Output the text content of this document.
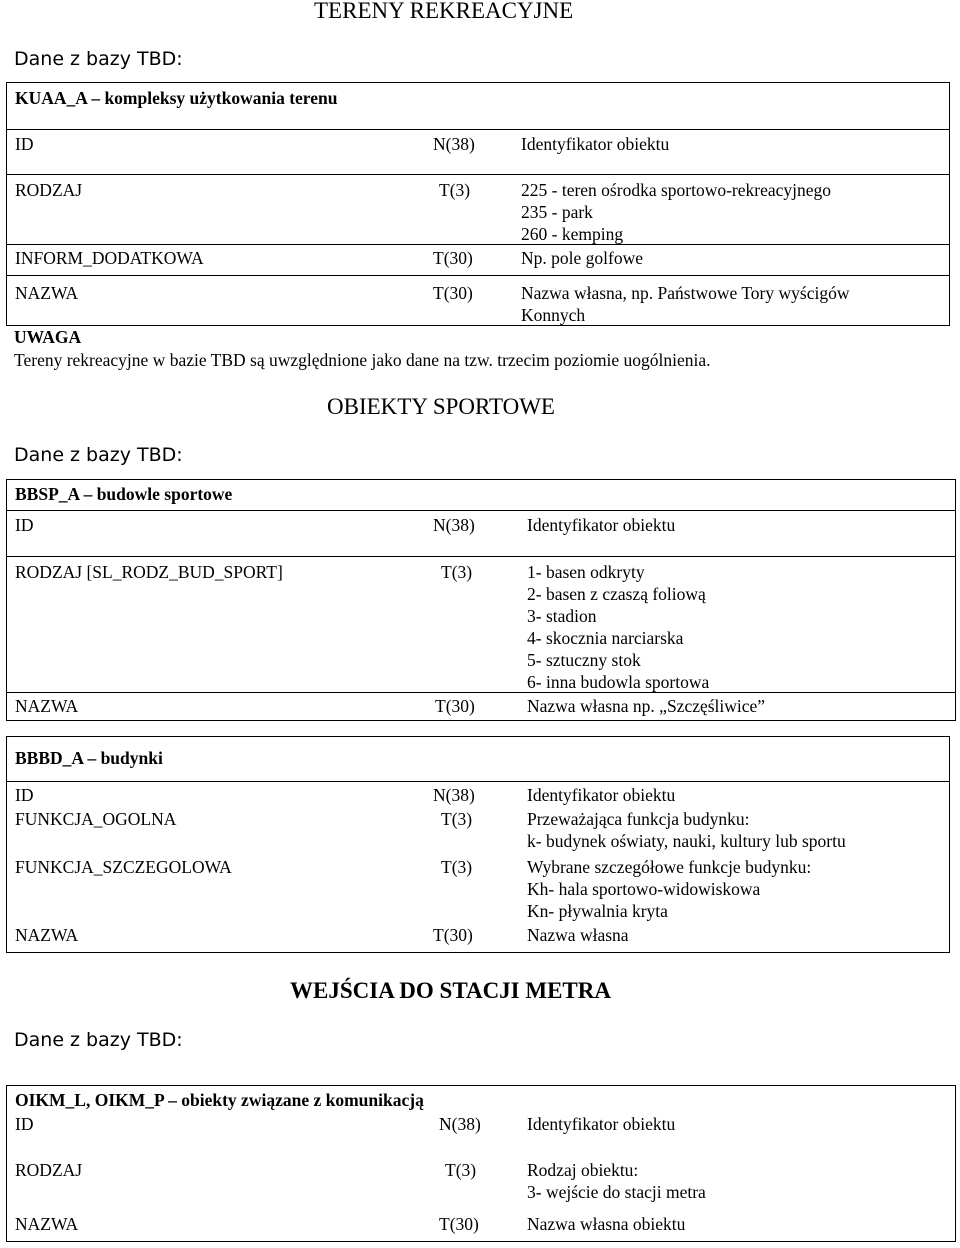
TERENY REKREACYJNE
Dane z bazy TBD:
KUAA_A – kompleksy użytkowania terenu
ID	N(38)	Identyfikator obiektu
RODZAJ	T(3)	225 - teren ośrodka sportowo-rekreacyjnego
235 - park
260 - kemping
INFORM_DODATKOWA	T(30)	Np. pole golfowe
NAZWA	T(30)	Nazwa własna, np. Państwowe Tory wyścigów
Konnych
UWAGA
Tereny rekreacyjne w bazie TBD są uwzględnione jako dane na tzw. trzecim poziomie uogólnienia.
OBIEKTY SPORTOWE
Dane z bazy TBD:
BBSP_A – budowle sportowe
ID	N(38)	Identyfikator obiektu
RODZAJ [SL_RODZ_BUD_SPORT]	T(3)	1- basen odkryty
2- basen z czaszą foliową
3- stadion
4- skocznia narciarska
5- sztuczny stok
6- inna budowla sportowa
NAZWA	T(30)	Nazwa własna np. „Szczęśliwice”
BBBD_A – budynki
ID	N(38)	Identyfikator obiektu
FUNKCJA_OGOLNA	T(3)	Przeważająca funkcja budynku:
k- budynek oświaty, nauki, kultury lub sportu
FUNKCJA_SZCZEGOLOWA	T(3)	Wybrane szczegółowe funkcje budynku:
Kh- hala sportowo-widowiskowa
Kn- pływalnia kryta
NAZWA	T(30)	Nazwa własna
WEJŚCIA DO STACJI METRA
Dane z bazy TBD:
OIKM_L, OIKM_P – obiekty związane z komunikacją
ID	N(38)	Identyfikator obiektu
RODZAJ	T(3)	Rodzaj obiektu:
3- wejście do stacji metra
NAZWA	T(30)	Nazwa własna obiektu
